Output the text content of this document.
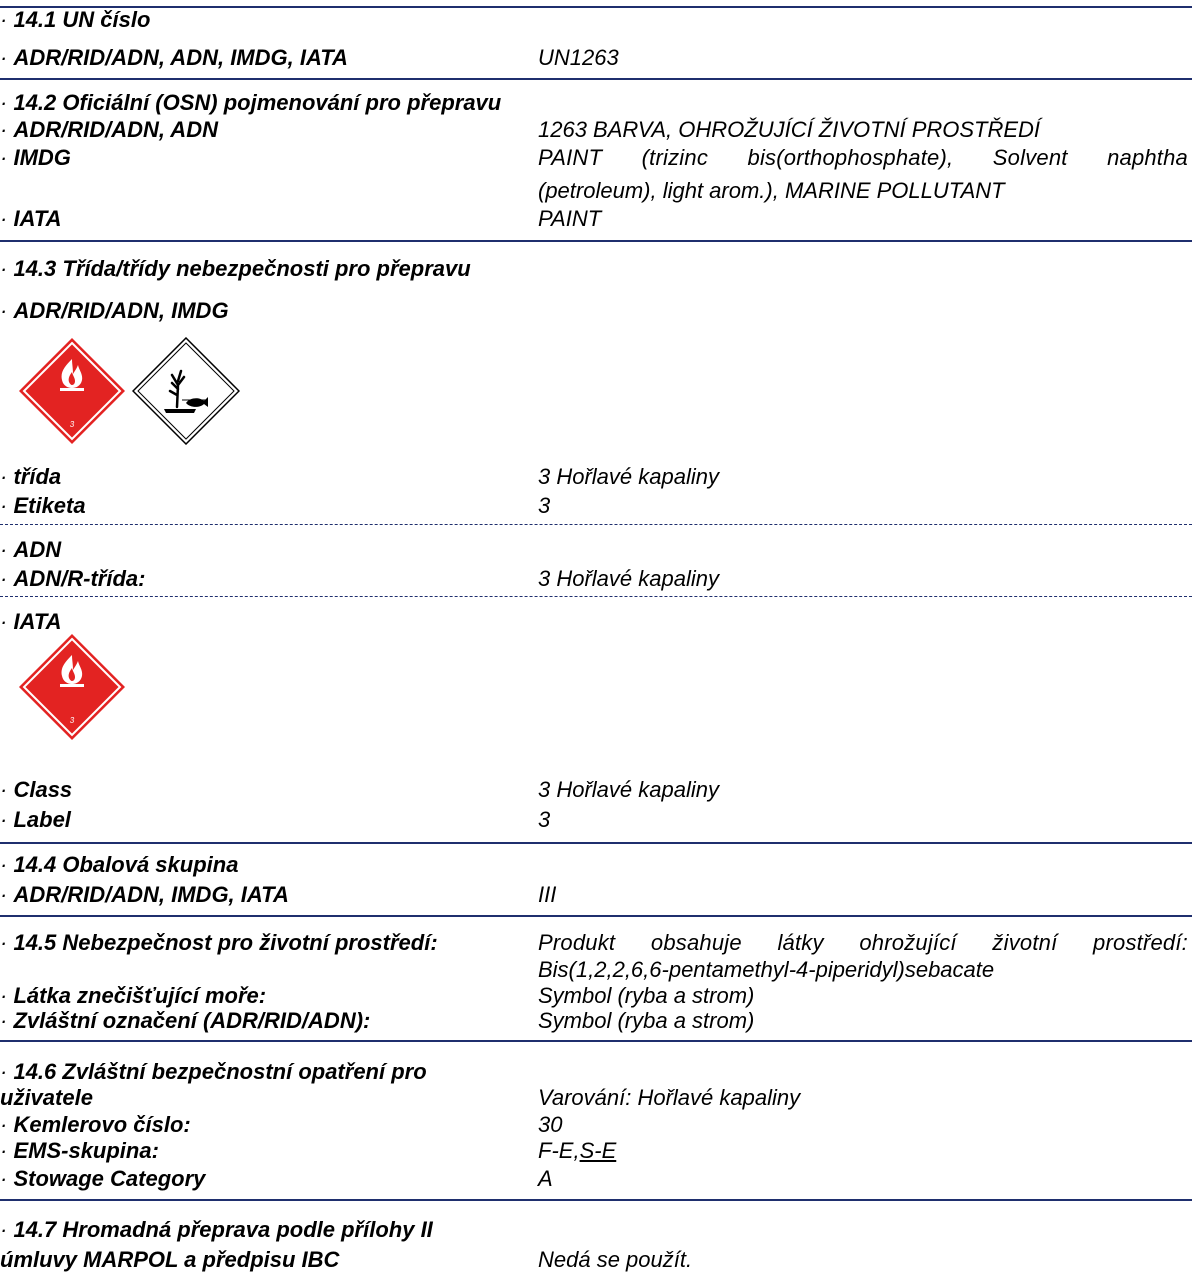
· 14.1 UN číslo
· ADR/RID/ADN, ADN, IMDG, IATA	UN1263
· 14.2 Oficiální (OSN) pojmenování pro přepravu
· ADR/RID/ADN, ADN	1263 BARVA, OHROŽUJÍCÍ ŽIVOTNÍ PROSTŘEDÍ
· IMDG	PAINT (trizinc bis(orthophosphate), Solvent naphtha
(petroleum), light arom.), MARINE POLLUTANT
· IATA	PAINT
· 14.3 Třída/třídy nebezpečnosti pro přepravu
· ADR/RID/ADN, IMDG
3
· třída	3 Hořlavé kapaliny
· Etiketa	3
· ADN
· ADN/R-třída:	3 Hořlavé kapaliny
· IATA
3
· Class	3 Hořlavé kapaliny
· Label	3
· 14.4 Obalová skupina
· ADR/RID/ADN, IMDG, IATA	III
· 14.5 Nebezpečnost pro životní prostředí:	Produkt obsahuje látky ohrožující životní prostředí:
Bis(1,2,2,6,6-pentamethyl-4-piperidyl)sebacate
· Látka znečišťující moře:	Symbol (ryba a strom)
· Zvláštní označení (ADR/RID/ADN):	Symbol (ryba a strom)
· 14.6 Zvláštní bezpečnostní opatření pro
uživatele	Varování: Hořlavé kapaliny
· Kemlerovo číslo:	30
· EMS-skupina:	F-E,S-E
· Stowage Category	A
· 14.7 Hromadná přeprava podle přílohy II
úmluvy MARPOL a předpisu IBC	Nedá se použít.
